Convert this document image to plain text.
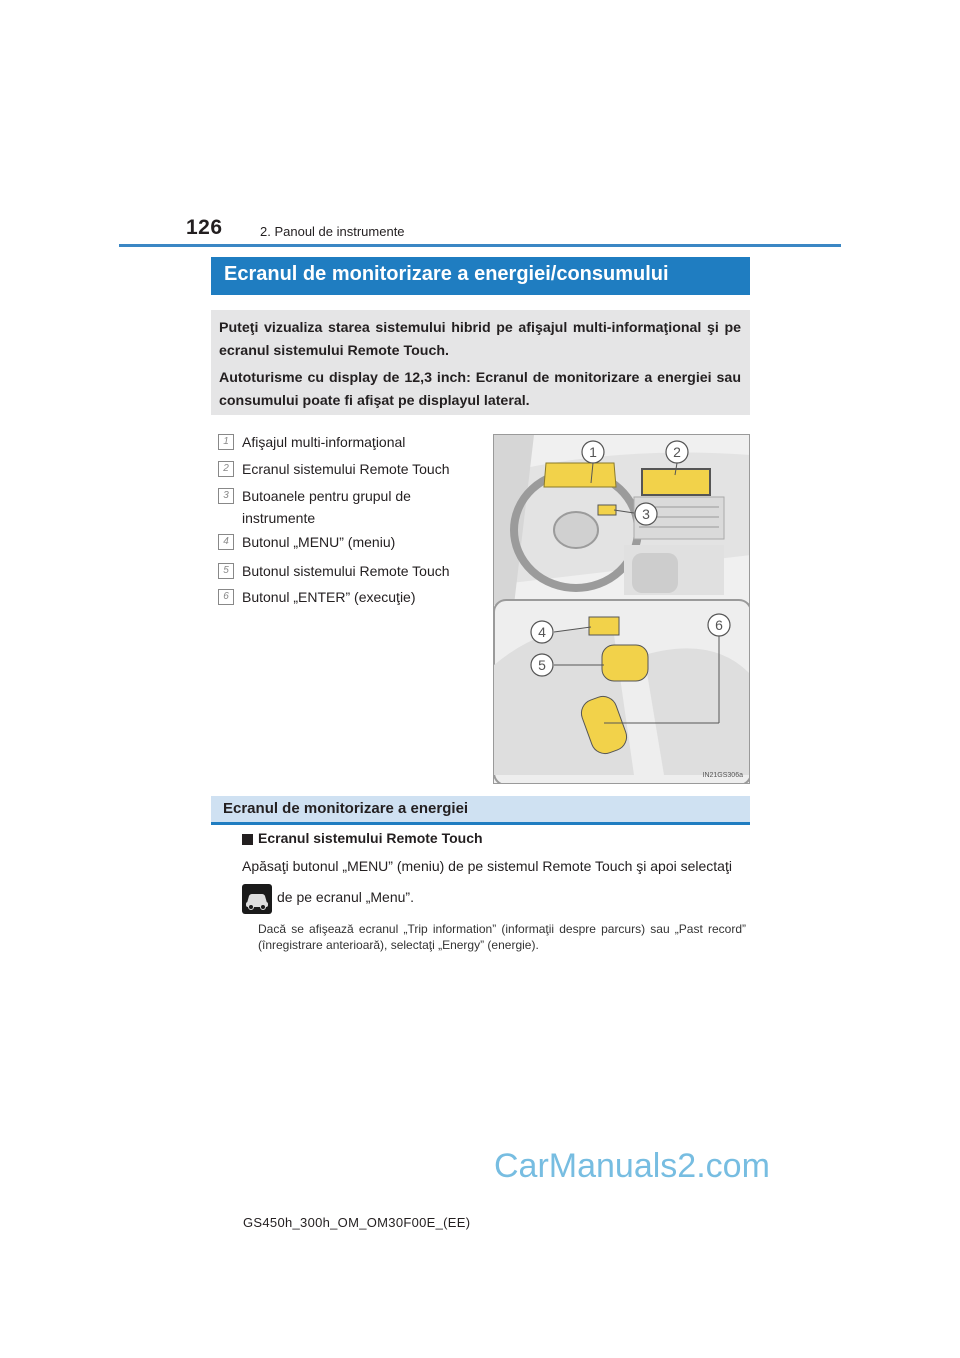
126	2. Panoul de instrumente
Ecranul de monitorizare a energiei/consumului
Puteţi vizualiza starea sistemului hibrid pe afişajul multi-informaţional şi pe ecranul sistemului Remote Touch.
Autoturisme cu display de 12,3 inch: Ecranul de monitorizare a energiei sau consumului poate fi afişat pe displayul lateral.
1 Afişajul multi-informaţional
2 Ecranul sistemului Remote Touch
3 Butoanele pentru grupul de instrumente
4 Butonul „MENU” (meniu)
5 Butonul sistemului Remote Touch
6 Butonul „ENTER” (execuţie)
1	2
3
4
5
6
IN21GS306a
Ecranul de monitorizare a energiei
Ecranul sistemului Remote Touch
Apăsaţi butonul „MENU” (meniu) de pe sistemul Remote Touch şi apoi selectaţi
de pe ecranul „Menu”.
Dacă se afişează ecranul „Trip information” (informaţii despre parcurs) sau „Past record” (înregistrare anterioară), selectaţi „Energy” (energie).
CarManuals2.com
GS450h_300h_OM_OM30F00E_(EE)
